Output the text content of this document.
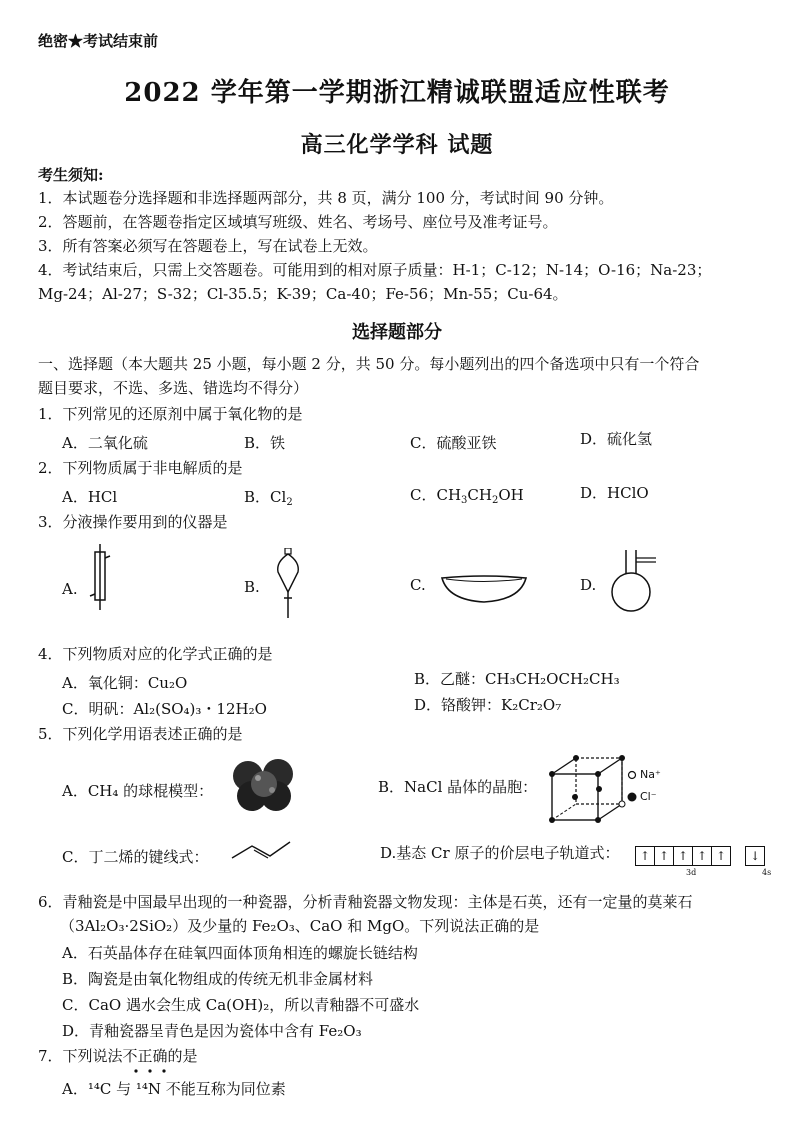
绝密★考试结束前
2022 学年第一学期浙江精诚联盟适应性联考
高三化学学科 试题
考生须知:
1．本试题卷分选择题和非选择题两部分，共 8 页，满分 100 分，考试时间 90 分钟。
2．答题前，在答题卷指定区域填写班级、姓名、考场号、座位号及准考证号。
3．所有答案必须写在答题卷上，写在试卷上无效。
4．考试结束后，只需上交答题卷。可能用到的相对原子质量：H-1；C-12；N-14；O-16；Na-23；
Mg-24；Al-27；S-32；Cl-35.5；K-39；Ca-40；Fe-56；Mn-55；Cu-64。
选择题部分
一、选择题（本大题共 25 小题，每小题 2 分，共 50 分。每小题列出的四个备选项中只有一个符合
题目要求，不选、多选、错选均不得分）
1．下列常见的还原剂中属于氧化物的是
A．二氧化硫	B．铁	C．硫酸亚铁	D．硫化氢
2．下列物质属于非电解质的是
A．HCl	B．$Cl_2$	C．$CH_3CH_2OH$	D．HClO
3．分液操作要用到的仪器是
A.	B.	C.	D.
4．下列物质对应的化学式正确的是
A．氧化铜：Cu₂O	B．乙醚：CH₃CH₂OCH₂CH₃
C．明矾：Al₂(SO₄)₃・12H₂O	D．铬酸钾：K₂Cr₂O₇
5．下列化学用语表述正确的是
A．CH₄ 的球棍模型：	B．NaCl 晶体的晶胞：
Na⁺
Cl⁻
C．丁二烯的键线式：	D.基态 Cr 原子的价层电子轨道式：	↑ ↑ ↑ ↑ ↑ ↓
3d	4s
6．青釉瓷是中国最早出现的一种瓷器，分析青釉瓷器文物发现：主体是石英，还有一定量的莫莱石
（3Al₂O₃·2SiO₂）及少量的 Fe₂O₃、CaO 和 MgO。下列说法正确的是
A．石英晶体存在硅氧四面体顶角相连的螺旋长链结构
B．陶瓷是由氧化物组成的传统无机非金属材料
C．CaO 遇水会生成 Ca(OH)₂，所以青釉器不可盛水
D．青釉瓷器呈青色是因为瓷体中含有 Fe₂O₃
7．下列说法不正确的是
A．¹⁴C 与 ¹⁴N 不能互称为同位素
